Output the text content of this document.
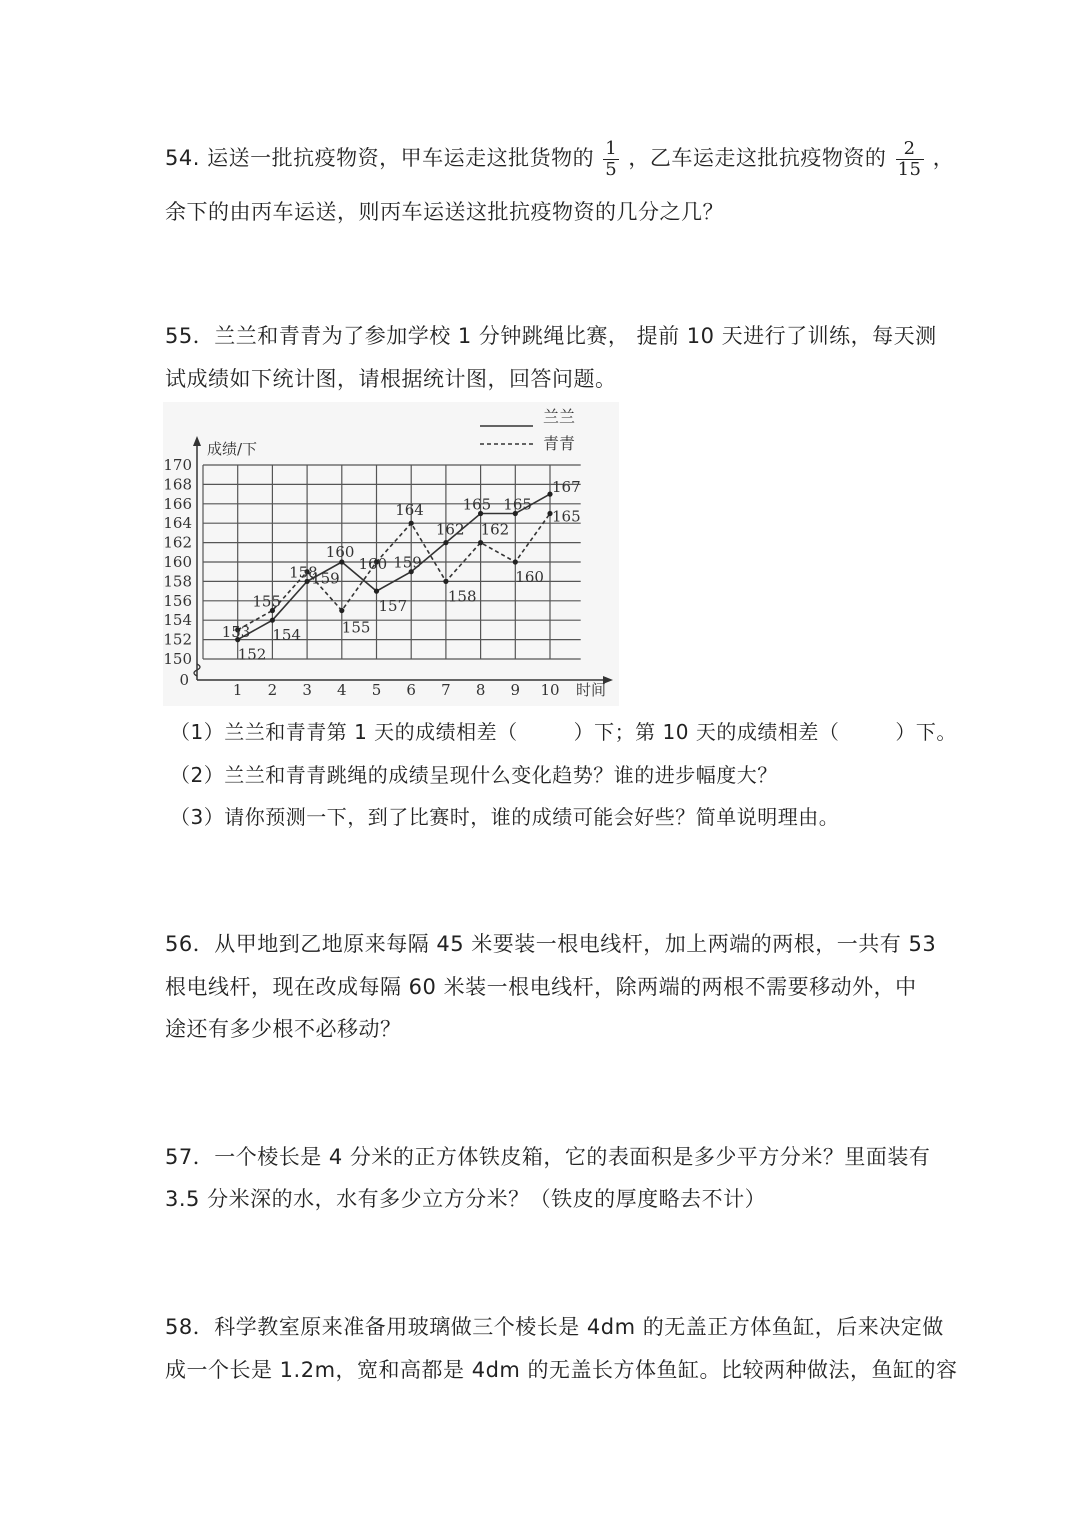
54. 运送一批抗疫物资，甲车运走这批货物的 $\frac{1}{5}$ ，乙车运走这批抗疫物资的 $\frac{2}{15}$ ，
余下的由丙车运送，则丙车运送这批抗疫物资的几分之几？
55．兰兰和青青为了参加学校 1 分钟跳绳比赛， 提前 10 天进行了训练，每天测
试成绩如下统计图，请根据统计图，回答问题。
150
152
154
156
158
160
162
164
166
168
170
0
1 2 3 4 5 6 7 8 9 10 时间
成绩/下
152
153 154
155
158
159
160
155
157
160 159
164
162
158
165
162
165
160
167
165
兰兰
青青
（1）兰兰和青青第 1 天的成绩相差（	）下；第 10 天的成绩相差（	）下。
（2）兰兰和青青跳绳的成绩呈现什么变化趋势？谁的进步幅度大？
（3）请你预测一下，到了比赛时，谁的成绩可能会好些？简单说明理由。
56．从甲地到乙地原来每隔 45 米要装一根电线杆，加上两端的两根，一共有 53
根电线杆，现在改成每隔 60 米装一根电线杆，除两端的两根不需要移动外，中
途还有多少根不必移动？
57．一个棱长是 4 分米的正方体铁皮箱，它的表面积是多少平方分米？里面装有
3.5 分米深的水，水有多少立方分米？（铁皮的厚度略去不计）
58．科学教室原来准备用玻璃做三个棱长是 4dm 的无盖正方体鱼缸，后来决定做
成一个长是 1.2m，宽和高都是 4dm 的无盖长方体鱼缸。比较两种做法，鱼缸的容
